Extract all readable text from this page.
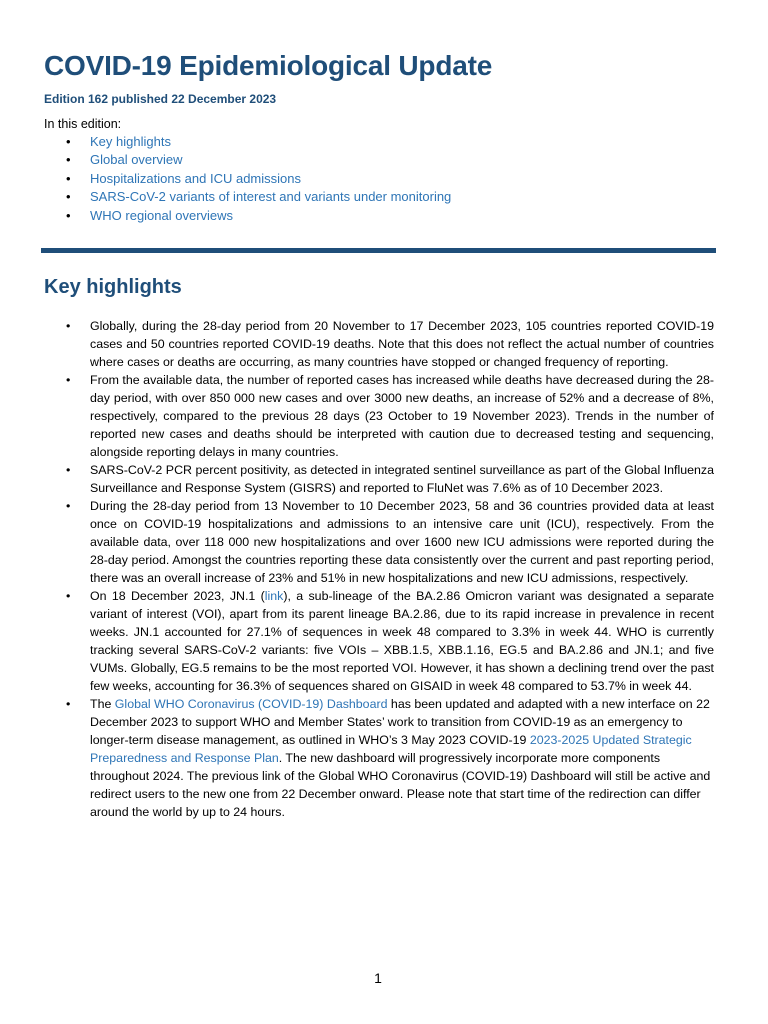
COVID-19 Epidemiological Update

Edition 162 published 22 December 2023

In this edition:

• Key highlights
• Global overview
• Hospitalizations and ICU admissions
• SARS-CoV-2 variants of interest and variants under monitoring
• WHO regional overviews
Key highlights
• Globally, during the 28-day period from 20 November to 17 December 2023, 105 countries reported COVID-19 cases and 50 countries reported COVID-19 deaths. Note that this does not reflect the actual number of countries where cases or deaths are occurring, as many countries have stopped or changed frequency of reporting.
• From the available data, the number of reported cases has increased while deaths have decreased during the 28-day period, with over 850 000 new cases and over 3000 new deaths, an increase of 52% and a decrease of 8%, respectively, compared to the previous 28 days (23 October to 19 November 2023). Trends in the number of reported new cases and deaths should be interpreted with caution due to decreased testing and sequencing, alongside reporting delays in many countries.
• SARS-CoV-2 PCR percent positivity, as detected in integrated sentinel surveillance as part of the Global Influenza Surveillance and Response System (GISRS) and reported to FluNet was 7.6% as of 10 December 2023.
• During the 28-day period from 13 November to 10 December 2023, 58 and 36 countries provided data at least once on COVID-19 hospitalizations and admissions to an intensive care unit (ICU), respectively. From the available data, over 118 000 new hospitalizations and over 1600 new ICU admissions were reported during the 28-day period. Amongst the countries reporting these data consistently over the current and past reporting period, there was an overall increase of 23% and 51% in new hospitalizations and new ICU admissions, respectively.
• On 18 December 2023, JN.1 (link), a sub-lineage of the BA.2.86 Omicron variant was designated a separate variant of interest (VOI), apart from its parent lineage BA.2.86, due to its rapid increase in prevalence in recent weeks. JN.1 accounted for 27.1% of sequences in week 48 compared to 3.3% in week 44. WHO is currently tracking several SARS-CoV-2 variants: five VOIs – XBB.1.5, XBB.1.16, EG.5 and BA.2.86 and JN.1; and five VUMs. Globally, EG.5 remains to be the most reported VOI. However, it has shown a declining trend over the past few weeks, accounting for 36.3% of sequences shared on GISAID in week 48 compared to 53.7% in week 44.
• The Global WHO Coronavirus (COVID-19) Dashboard has been updated and adapted with a new interface on 22 December 2023 to support WHO and Member States’ work to transition from COVID-19 as an emergency to longer-term disease management, as outlined in WHO’s 3 May 2023 COVID-19 2023-2025 Updated Strategic Preparedness and Response Plan. The new dashboard will progressively incorporate more components throughout 2024. The previous link of the Global WHO Coronavirus (COVID-19) Dashboard will still be active and redirect users to the new one from 22 December onward. Please note that start time of the redirection can differ around the world by up to 24 hours.
1
